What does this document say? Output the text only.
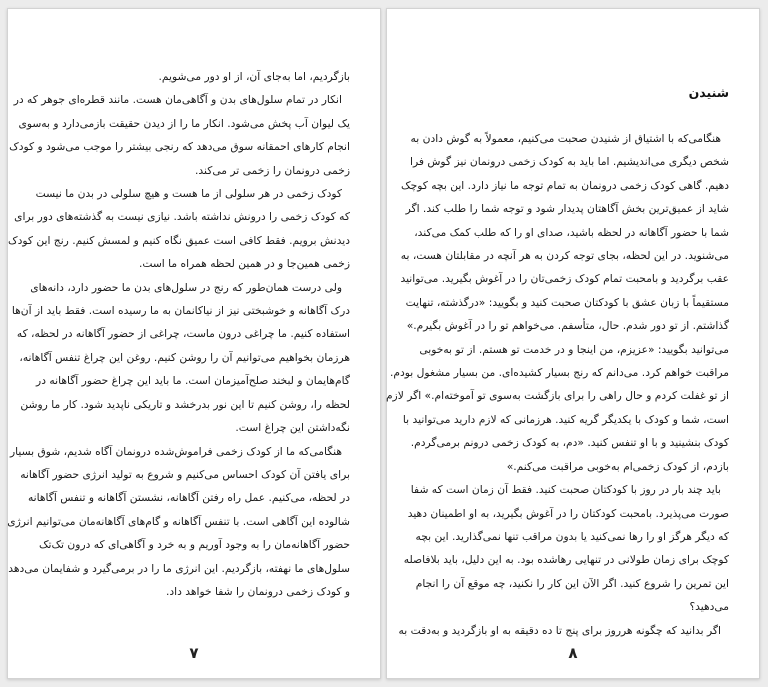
بازگردیم، اما به‌جای آن، از او دور می‌شویم.
انکار در تمام سلول‌های بدن و آگاهی‌مان هست. مانند قطره‌ای جوهر که در
یک لیوان آب پخش می‌شود. انکار ما را از دیدن حقیقت بازمی‌دارد و به‌سوی
انجام کارهای احمقانه سوق می‌دهد که رنجی بیشتر را موجب می‌شود و کودک
زخمی درونمان را زخمی تر می‌کند.
کودک زخمی در هر سلولی از ما هست و هیچ سلولی در بدن ما نیست
که کودک زخمی را درونش نداشته باشد. نیازی نیست به گذشته‌های دور برای
دیدنش برویم. فقط کافی است عمیق نگاه کنیم و لمسش کنیم. رنج این کودک
زخمی همین‌جا و در همین لحظه همراه ما است.
ولی درست همان‌طور که رنج در سلول‌های بدن ما حضور دارد، دانه‌های
درک آگاهانه و خوشبختی نیز از نیاکانمان به ما رسیده است. فقط باید از آن‌ها
استفاده کنیم. ما چراغی درون ماست، چراغی از حضور آگاهانه در لحظه، که
هرزمان بخواهیم می‌توانیم آن را روشن کنیم. روغن این چراغ تنفس آگاهانه،
گام‌هایمان و لبخند صلح‌آمیزمان است. ما باید این چراغ حضور آگاهانه در
لحظه را، روشن کنیم تا این نور بدرخشد و تاریکی ناپدید شود. کار ما روشن
نگه‌داشتن این چراغ است.
هنگامی‌که ما از کودک زخمی فراموش‌شده درونمان آگاه شدیم، شوق بسیار
برای یافتن آن کودک احساس می‌کنیم و شروع به تولید انرژی حضور آگاهانه
در لحظه، می‌کنیم. عمل راه رفتن آگاهانه، نشستن آگاهانه و تنفس آگاهانه
شالوده این آگاهی است. با تنفس آگاهانه و گام‌های آگاهانه‌مان می‌توانیم انرژی
حضور آگاهانه‌مان را به وجود آوریم و به خرد و آگاهی‌ای که درون تک‌تک
سلول‌های ما نهفته، بازگردیم. این انرژی ما را در برمی‌گیرد و شفایمان می‌دهد
و کودک زخمی درونمان را شفا خواهد داد.
۷
شنیدن
هنگامی‌که با اشتیاق از شنیدن صحبت می‌کنیم، معمولاً به گوش دادن به
شخص دیگری می‌اندیشیم. اما باید به کودک زخمی درونمان نیز گوش فرا
دهیم. گاهی کودک زخمی درونمان به تمام توجه ما نیاز دارد. این بچه کوچک
شاید از عمیق‌ترین بخش آگاهتان پدیدار شود و توجه شما را طلب کند. اگر
شما با حضور آگاهانه در لحظه باشید، صدای او را که طلب کمک می‌کند،
می‌شنوید. در این لحظه، بجای توجه کردن به هر آنچه در مقابلتان هست، به
عقب برگردید و بامحبت تمام کودک زخمی‌تان را در آغوش بگیرید. می‌توانید
مستقیماً با زبان عشق با کودکتان صحبت کنید و بگویید: «درگذشته، تنهایت
گذاشتم. از تو دور شدم. حال، متأسفم. می‌خواهم تو را در آغوش بگیرم.»
می‌توانید بگویید: «عزیزم، من اینجا و در خدمت تو هستم. از تو به‌خوبی
مراقبت خواهم کرد. می‌دانم که رنج بسیار کشیده‌ای. من بسیار مشغول بودم.
از تو غفلت کردم و حال راهی را برای بازگشت به‌سوی تو آموخته‌ام.» اگر لازم
است، شما و کودک با یکدیگر گریه کنید. هرزمانی که لازم دارید می‌توانید با
کودک بنشینید و با او تنفس کنید. «دم، به کودک زخمی درونم برمی‌گردم.
بازدم، از کودک زخمی‌ام به‌خوبی مراقبت می‌کنم.»
باید چند بار در روز با کودکتان صحبت کنید. فقط آن زمان است که شفا
صورت می‌پذیرد. بامحبت کودکتان را در آغوش بگیرید، به او اطمینان دهید
که دیگر هرگز او را رها نمی‌کنید یا بدون مراقب تنها نمی‌گذارید. این بچه
کوچک برای زمان طولانی در تنهایی رهاشده بود. به این دلیل، باید بلافاصله
این تمرین را شروع کنید. اگر الآن این کار را نکنید، چه موقع آن را انجام
می‌دهید؟
اگر بدانید که چگونه هرروز برای پنج تا ده دقیقه به او بازگردید و به‌دقت به
۸
